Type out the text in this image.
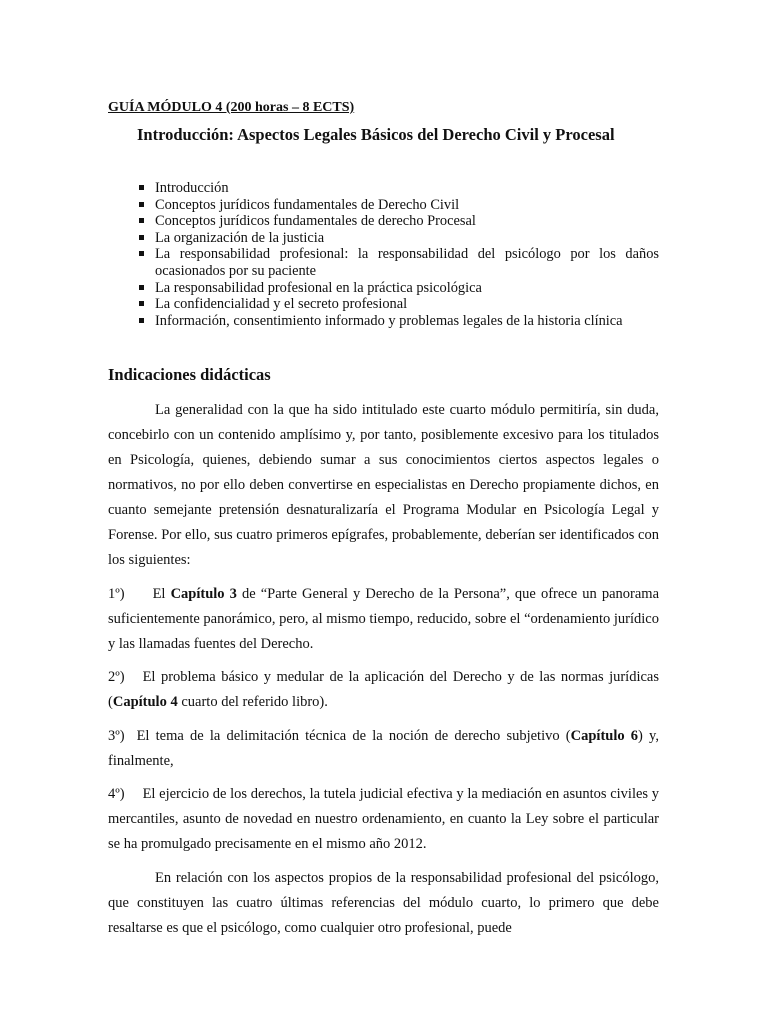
GUÍA MÓDULO 4 (200 horas – 8 ECTS)
Introducción: Aspectos Legales Básicos del Derecho Civil y Procesal
Introducción
Conceptos jurídicos fundamentales de Derecho Civil
Conceptos jurídicos fundamentales de derecho Procesal
La organización de la justicia
La responsabilidad profesional: la responsabilidad del psicólogo por los daños ocasionados por su paciente
La responsabilidad profesional en la práctica psicológica
La confidencialidad y el secreto profesional
Información, consentimiento informado y problemas legales de la historia clínica
Indicaciones didácticas

La generalidad con la que ha sido intitulado este cuarto módulo permitiría, sin duda, concebirlo con un contenido amplísimo y, por tanto, posiblemente excesivo para los titulados en Psicología, quienes, debiendo sumar a sus conocimientos ciertos aspectos legales o normativos, no por ello deben convertirse en especialistas en Derecho propiamente dichos, en cuanto semejante pretensión desnaturalizaría el Programa Modular en Psicología Legal y Forense. Por ello, sus cuatro primeros epígrafes, probablemente, deberían ser identificados con los siguientes:

1º) El Capítulo 3 de “Parte General y Derecho de la Persona”, que ofrece un panorama suficientemente panorámico, pero, al mismo tiempo, reducido, sobre el “ordenamiento jurídico y las llamadas fuentes del Derecho.

2º) El problema básico y medular de la aplicación del Derecho y de las normas jurídicas (Capítulo 4 cuarto del referido libro).

3º) El tema de la delimitación técnica de la noción de derecho subjetivo (Capítulo 6) y, finalmente,

4º) El ejercicio de los derechos, la tutela judicial efectiva y la mediación en asuntos civiles y mercantiles, asunto de novedad en nuestro ordenamiento, en cuanto la Ley sobre el particular se ha promulgado precisamente en el mismo año 2012.

En relación con los aspectos propios de la responsabilidad profesional del psicólogo, que constituyen las cuatro últimas referencias del módulo cuarto, lo primero que debe resaltarse es que el psicólogo, como cualquier otro profesional, puede
